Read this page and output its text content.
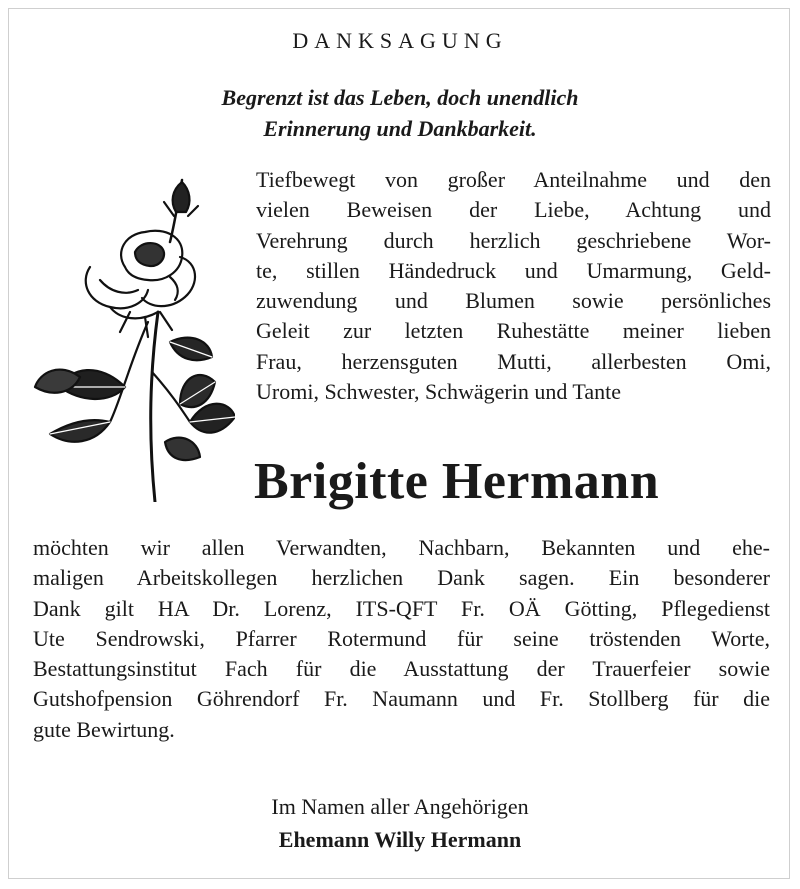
DANKSAGUNG
Begrenzt ist das Leben, doch unendlich
Erinnerung und Dankbarkeit.
Tiefbewegt von großer Anteilnahme und den
vielen Beweisen der Liebe, Achtung und
Verehrung durch herzlich geschriebene Wor-
te, stillen Händedruck und Umarmung, Geld-
zuwendung und Blumen sowie persönliches
Geleit zur letzten Ruhestätte meiner lieben
Frau, herzensguten Mutti, allerbesten Omi,
Uromi, Schwester, Schwägerin und Tante
Brigitte Hermann
möchten wir allen Verwandten, Nachbarn, Bekannten und ehe-
maligen Arbeitskollegen herzlichen Dank sagen. Ein besonderer
Dank gilt HA Dr. Lorenz, ITS-QFT Fr. OÄ Götting, Pflegedienst
Ute Sendrowski, Pfarrer Rotermund für seine tröstenden Worte,
Bestattungsinstitut Fach für die Ausstattung der Trauerfeier sowie
Gutshofpension Göhrendorf Fr. Naumann und Fr. Stollberg für die
gute Bewirtung.
Im Namen aller Angehörigen
Ehemann Willy Hermann
